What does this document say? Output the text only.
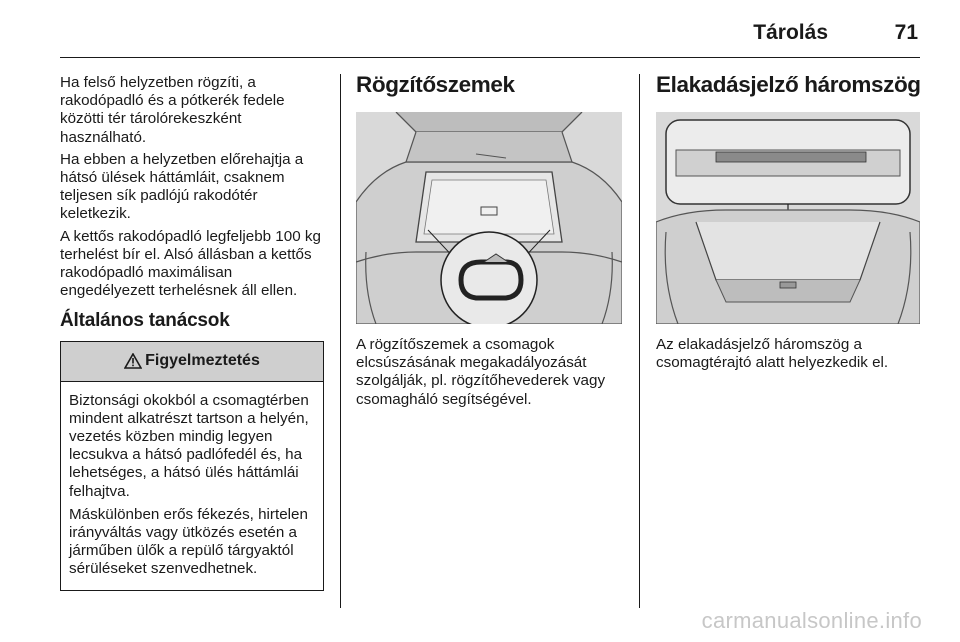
Tárolás	71

Ha felső helyzetben rögzíti, a rakodópadló és a pótkerék fedele közötti tér tárolórekeszként használható.

Ha ebben a helyzetben előrehajtja a hátsó ülések háttámláit, csaknem teljesen sík padlójú rakodótér keletkezik.

A kettős rakodópadló legfeljebb 100 kg terhelést bír el. Alsó állásban a kettős rakodópadló maximálisan engedélyezett terhelésnek áll ellen.

Általános tanácsok
Figyelmeztetés

Biztonsági okokból a csomagtérben mindent alkatrészt tartson a helyén, vezetés közben mindig legyen lecsukva a hátsó padlófedél és, ha lehetséges, a hátsó ülés háttámlái felhajtva.

Máskülönben erős fékezés, hirtelen irányváltás vagy ütközés esetén a járműben ülők a repülő tárgyaktól sérüléseket szenvedhetnek.

Rögzítőszemek

A rögzítőszemek a csomagok elcsúszásának megakadályozását szolgálják, pl. rögzítőhevederek vagy csomagháló segítségével.

Elakadásjelző háromszög

Az elakadásjelző háromszög a csomagtérajtó alatt helyezkedik el.

carmanualsonline.info
